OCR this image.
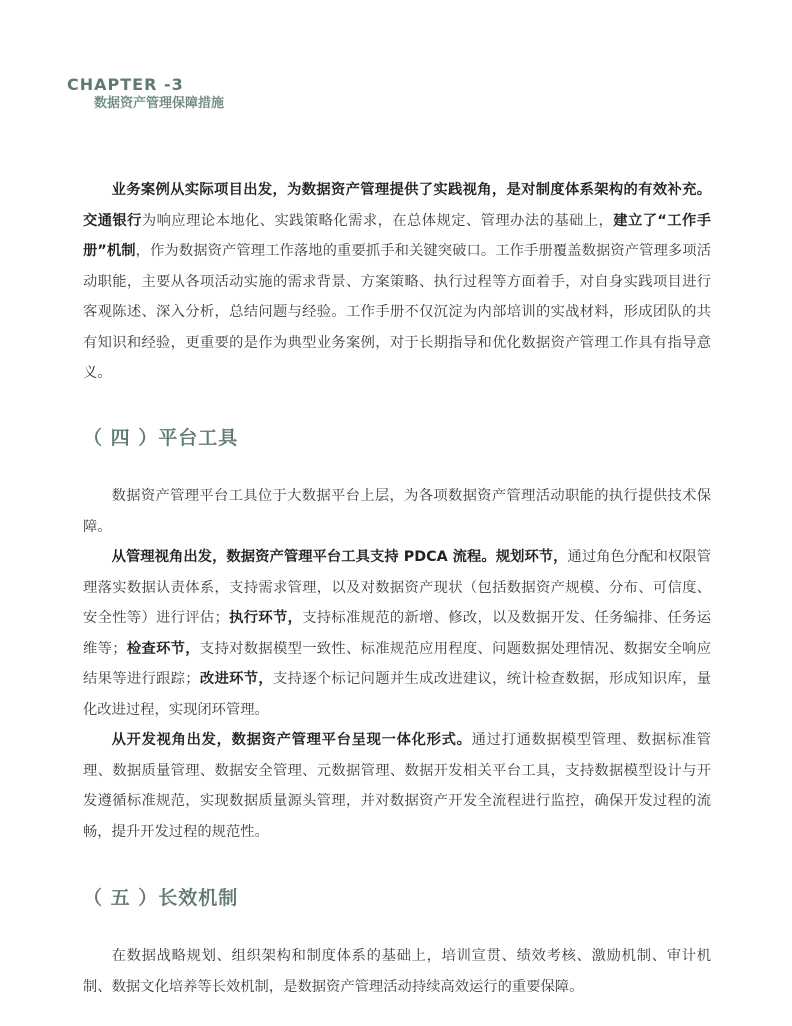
CHAPTER -3
数据资产管理保障措施

业务案例从实际项目出发，为数据资产管理提供了实践视角，是对制度体系架构的有效补充。交通银行为响应理论本地化、实践策略化需求，在总体规定、管理办法的基础上，建立了“工作手册”机制，作为数据资产管理工作落地的重要抓手和关键突破口。工作手册覆盖数据资产管理多项活动职能，主要从各项活动实施的需求背景、方案策略、执行过程等方面着手，对自身实践项目进行客观陈述、深入分析，总结问题与经验。工作手册不仅沉淀为内部培训的实战材料，形成团队的共有知识和经验，更重要的是作为典型业务案例，对于长期指导和优化数据资产管理工作具有指导意义。

（ 四 ）平台工具

数据资产管理平台工具位于大数据平台上层，为各项数据资产管理活动职能的执行提供技术保障。

从管理视角出发，数据资产管理平台工具支持 PDCA 流程。规划环节，通过角色分配和权限管理落实数据认责体系，支持需求管理，以及对数据资产现状（包括数据资产规模、分布、可信度、安全性等）进行评估；执行环节，支持标准规范的新增、修改，以及数据开发、任务编排、任务运维等；检查环节，支持对数据模型一致性、标准规范应用程度、问题数据处理情况、数据安全响应结果等进行跟踪；改进环节，支持逐个标记问题并生成改进建议，统计检查数据，形成知识库，量化改进过程，实现闭环管理。

从开发视角出发，数据资产管理平台呈现一体化形式。通过打通数据模型管理、数据标准管理、数据质量管理、数据安全管理、元数据管理、数据开发相关平台工具，支持数据模型设计与开发遵循标准规范，实现数据质量源头管理，并对数据资产开发全流程进行监控，确保开发过程的流畅，提升开发过程的规范性。

（ 五 ）长效机制

在数据战略规划、组织架构和制度体系的基础上，培训宣贯、绩效考核、激励机制、审计机制、数据文化培养等长效机制，是数据资产管理活动持续高效运行的重要保障。
